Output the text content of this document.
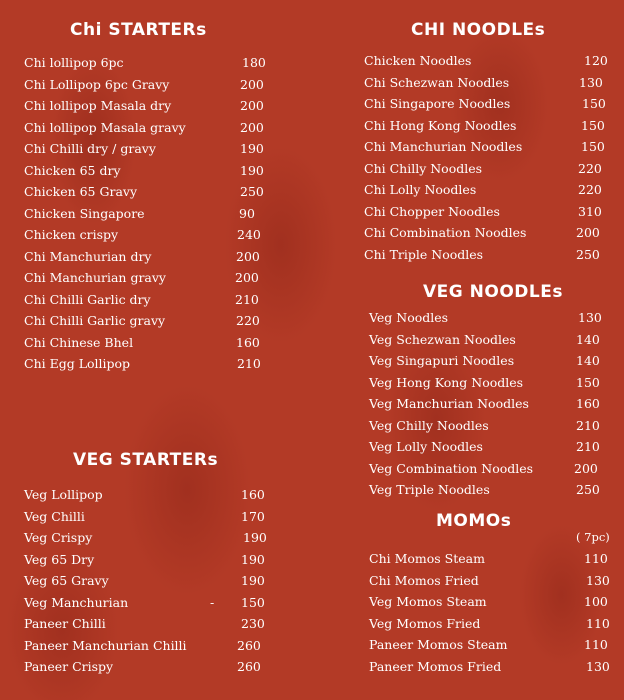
Chi STARTERs
Chi lollipop 6pc	180
Chi Lollipop 6pc Gravy	200
Chi lollipop Masala dry	200
Chi lollipop Masala gravy	200
Chi Chilli dry / gravy	190
Chicken 65 dry	190
Chicken 65 Gravy	250
Chicken Singapore	90
Chicken crispy	240
Chi Manchurian dry	200
Chi Manchurian gravy	200
Chi Chilli Garlic dry	210
Chi Chilli Garlic gravy	220
Chi Chinese Bhel	160
Chi Egg Lollipop	210
VEG STARTERs
Veg Lollipop	160
Veg Chilli	170
Veg Crispy	190
Veg 65 Dry	190
Veg 65 Gravy	190
Veg Manchurian	- 150
Paneer Chilli	230
Paneer Manchurian Chilli	260
Paneer Crispy	260
CHI NOODLEs
Chicken Noodles	120
Chi Schezwan Noodles	130
Chi Singapore Noodles	150
Chi Hong Kong Noodles	150
Chi Manchurian Noodles	150
Chi Chilly Noodles	220
Chi Lolly Noodles	220
Chi Chopper Noodles	310
Chi Combination Noodles	200
Chi Triple Noodles	250
VEG NOODLEs
Veg Noodles	130
Veg Schezwan Noodles	140
Veg Singapuri Noodles	140
Veg Hong Kong Noodles	150
Veg Manchurian Noodles	160
Veg Chilly Noodles	210
Veg Lolly Noodles	210
Veg Combination Noodles	200
Veg Triple Noodles	250
MOMOs
( 7pc)
Chi Momos Steam	110
Chi Momos Fried	130
Veg Momos Steam	100
Veg Momos Fried	110
Paneer Momos Steam	110
Paneer Momos Fried	130
